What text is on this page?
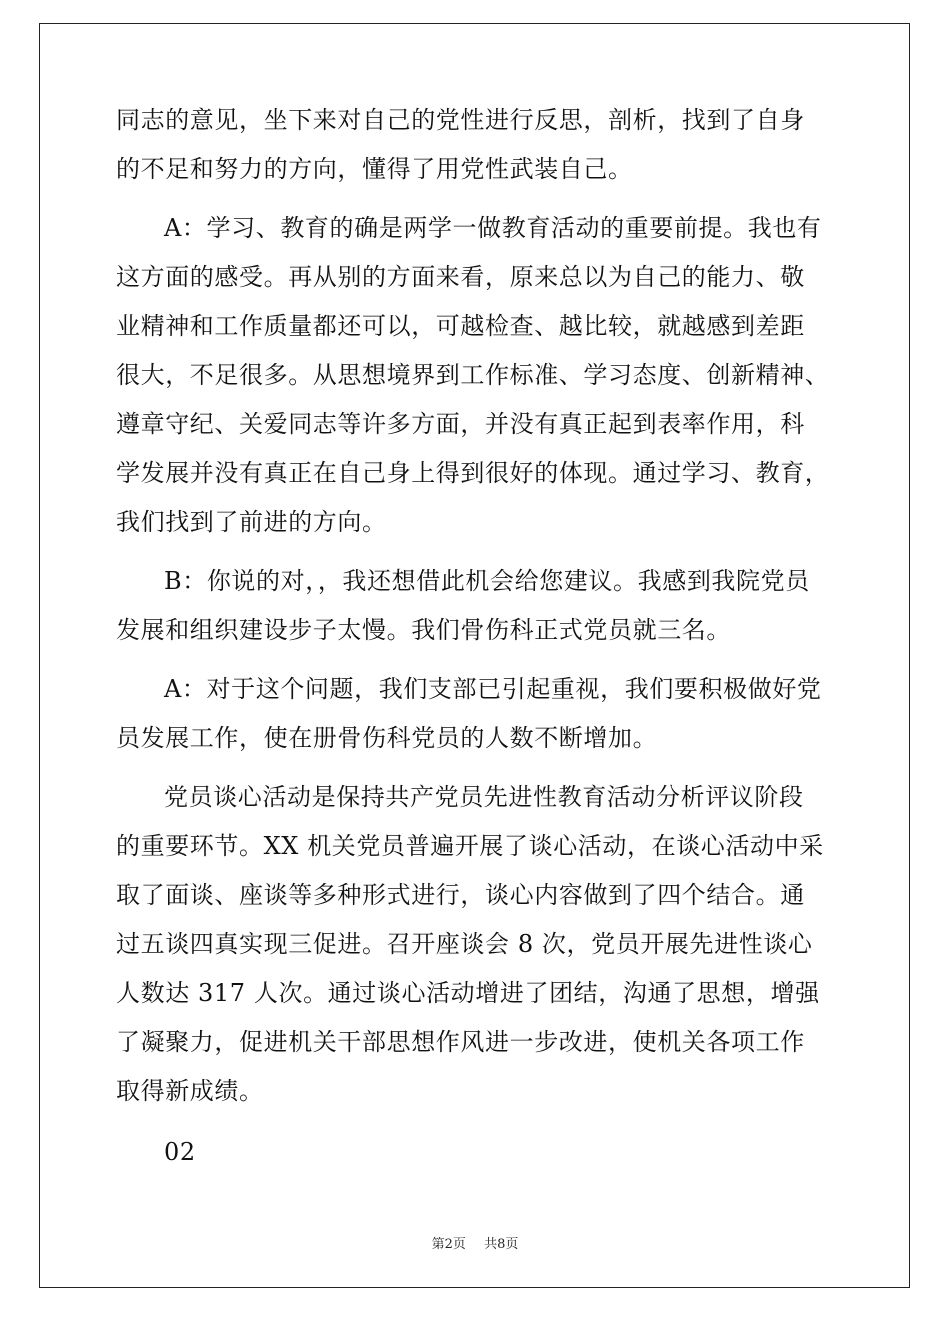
同志的意见，坐下来对自己的党性进行反思，剖析，找到了自身
的不足和努力的方向，懂得了用党性武装自己。
A：学习、教育的确是两学一做教育活动的重要前提。我也有
这方面的感受。再从别的方面来看，原来总以为自己的能力、敬
业精神和工作质量都还可以，可越检查、越比较，就越感到差距
很大，不足很多。从思想境界到工作标准、学习态度、创新精神、
遵章守纪、关爱同志等许多方面，并没有真正起到表率作用，科
学发展并没有真正在自己身上得到很好的体现。通过学习、教育，
我们找到了前进的方向。
B：你说的对，，我还想借此机会给您建议。我感到我院党员
发展和组织建设步子太慢。我们骨伤科正式党员就三名。
A：对于这个问题，我们支部已引起重视，我们要积极做好党
员发展工作，使在册骨伤科党员的人数不断增加。
党员谈心活动是保持共产党员先进性教育活动分析评议阶段
的重要环节。XX 机关党员普遍开展了谈心活动，在谈心活动中采
取了面谈、座谈等多种形式进行，谈心内容做到了四个结合。通
过五谈四真实现三促进。召开座谈会 8 次，党员开展先进性谈心
人数达 317 人次。通过谈心活动增进了团结，沟通了思想，增强
了凝聚力，促进机关干部思想作风进一步改进，使机关各项工作
取得新成绩。
02
第2页 共8页
